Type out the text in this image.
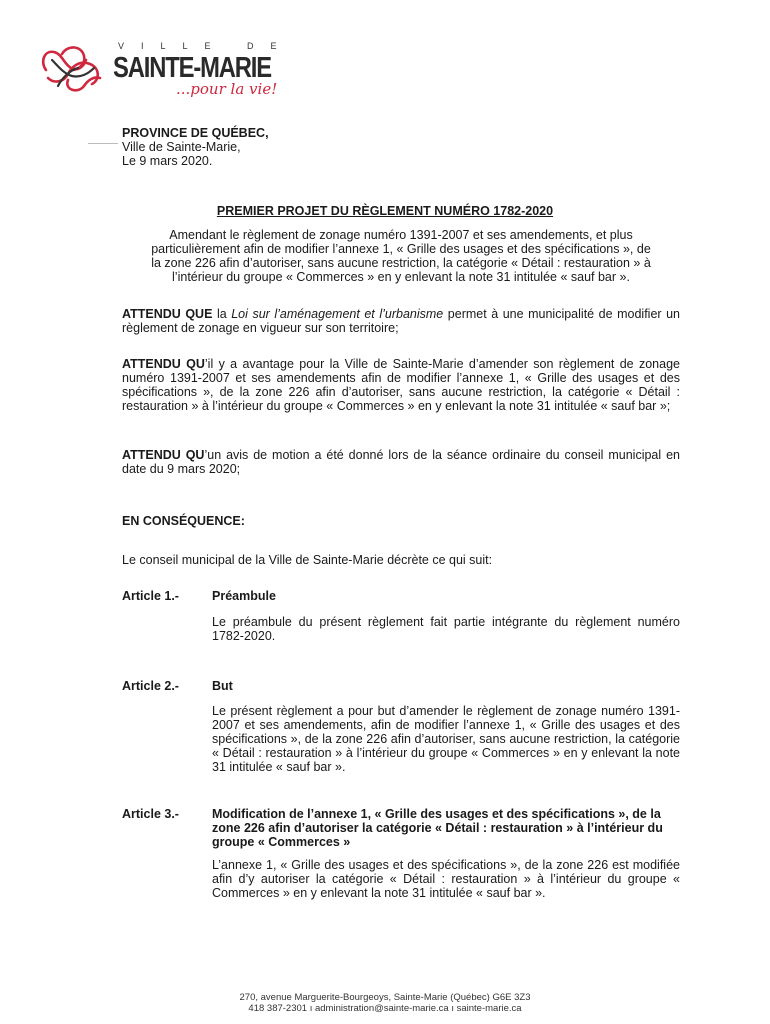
VILLE DE
SAINTE-MARIE
...pour la vie!
PROVINCE DE QUÉBEC,
Ville de Sainte-Marie,
Le 9 mars 2020.
PREMIER PROJET DU RÈGLEMENT NUMÉRO 1782-2020
Amendant le règlement de zonage numéro 1391-2007 et ses amendements, et plus
particulièrement afin de modifier l’annexe 1, « Grille des usages et des spécifications », de
la zone 226 afin d’autoriser, sans aucune restriction, la catégorie « Détail : restauration » à
l’intérieur du groupe « Commerces » en y enlevant la note 31 intitulée « sauf bar ».
ATTENDU QUE la Loi sur l’aménagement et l’urbanisme permet à une municipalité de modifier un règlement de zonage en vigueur sur son territoire;
ATTENDU QU’il y a avantage pour la Ville de Sainte-Marie d’amender son règlement de zonage numéro 1391-2007 et ses amendements afin de modifier l’annexe 1, « Grille des usages et des spécifications », de la zone 226 afin d’autoriser, sans aucune restriction, la catégorie « Détail : restauration » à l’intérieur du groupe « Commerces » en y enlevant la note 31 intitulée « sauf bar »;
ATTENDU QU’un avis de motion a été donné lors de la séance ordinaire du conseil municipal en date du 9 mars 2020;
EN CONSÉQUENCE:
Le conseil municipal de la Ville de Sainte-Marie décrète ce qui suit:
Article 1.-	Préambule
Le préambule du présent règlement fait partie intégrante du règlement numéro 1782-2020.
Article 2.-	But
Le présent règlement a pour but d’amender le règlement de zonage numéro 1391-2007 et ses amendements, afin de modifier l’annexe 1, « Grille des usages et des spécifications », de la zone 226 afin d’autoriser, sans aucune restriction, la catégorie « Détail : restauration » à l’intérieur du groupe « Commerces » en y enlevant la note 31 intitulée « sauf bar ».
Article 3.-	Modification de l’annexe 1, « Grille des usages et des spécifications », de la zone 226 afin d’autoriser la catégorie « Détail : restauration » à l’intérieur du groupe « Commerces »
L’annexe 1, « Grille des usages et des spécifications », de la zone 226 est modifiée afin d’y autoriser la catégorie « Détail : restauration » à l’intérieur du groupe « Commerces » en y enlevant la note 31 intitulée « sauf bar ».
270, avenue Marguerite-Bourgeoys, Sainte-Marie (Québec) G6E 3Z3
418 387-2301 ı administration@sainte-marie.ca ı sainte-marie.ca
